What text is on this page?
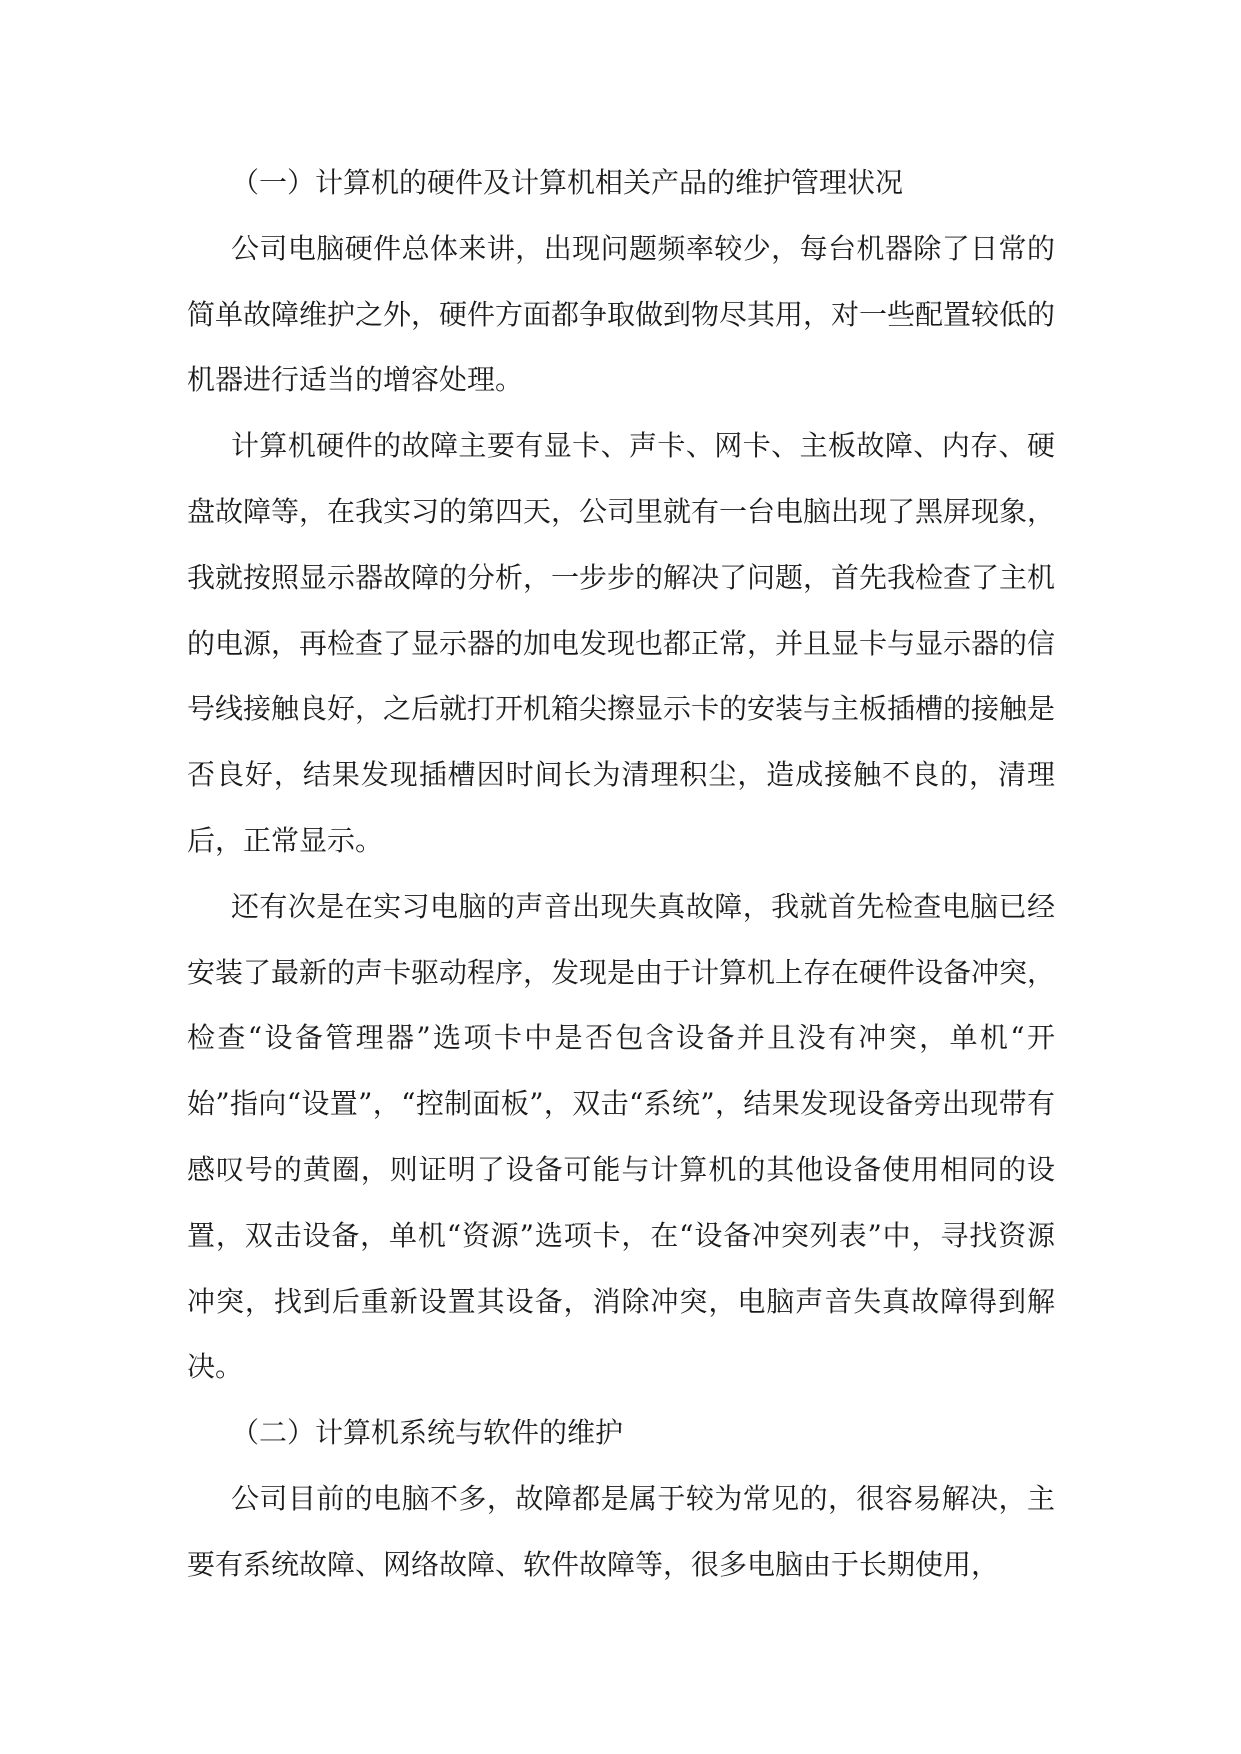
（一）计算机的硬件及计算机相关产品的维护管理状况

公司电脑硬件总体来讲，出现问题频率较少，每台机器除了日常的简单故障维护之外，硬件方面都争取做到物尽其用，对一些配置较低的机器进行适当的增容处理。

计算机硬件的故障主要有显卡、声卡、网卡、主板故障、内存、硬盘故障等，在我实习的第四天，公司里就有一台电脑出现了黑屏现象，我就按照显示器故障的分析，一步步的解决了问题，首先我检查了主机的电源，再检查了显示器的加电发现也都正常，并且显卡与显示器的信号线接触良好，之后就打开机箱尖擦显示卡的安装与主板插槽的接触是否良好，结果发现插槽因时间长为清理积尘，造成接触不良的，清理后，正常显示。

还有次是在实习电脑的声音出现失真故障，我就首先检查电脑已经安装了最新的声卡驱动程序，发现是由于计算机上存在硬件设备冲突，检查“设备管理器”选项卡中是否包含设备并且没有冲突，单机“开始”指向“设置”，“控制面板”，双击“系统”，结果发现设备旁出现带有感叹号的黄圈，则证明了设备可能与计算机的其他设备使用相同的设置，双击设备，单机“资源”选项卡，在“设备冲突列表”中，寻找资源冲突，找到后重新设置其设备，消除冲突，电脑声音失真故障得到解决。

（二）计算机系统与软件的维护

公司目前的电脑不多，故障都是属于较为常见的，很容易解决，主要有系统故障、网络故障、软件故障等，很多电脑由于长期使用，
